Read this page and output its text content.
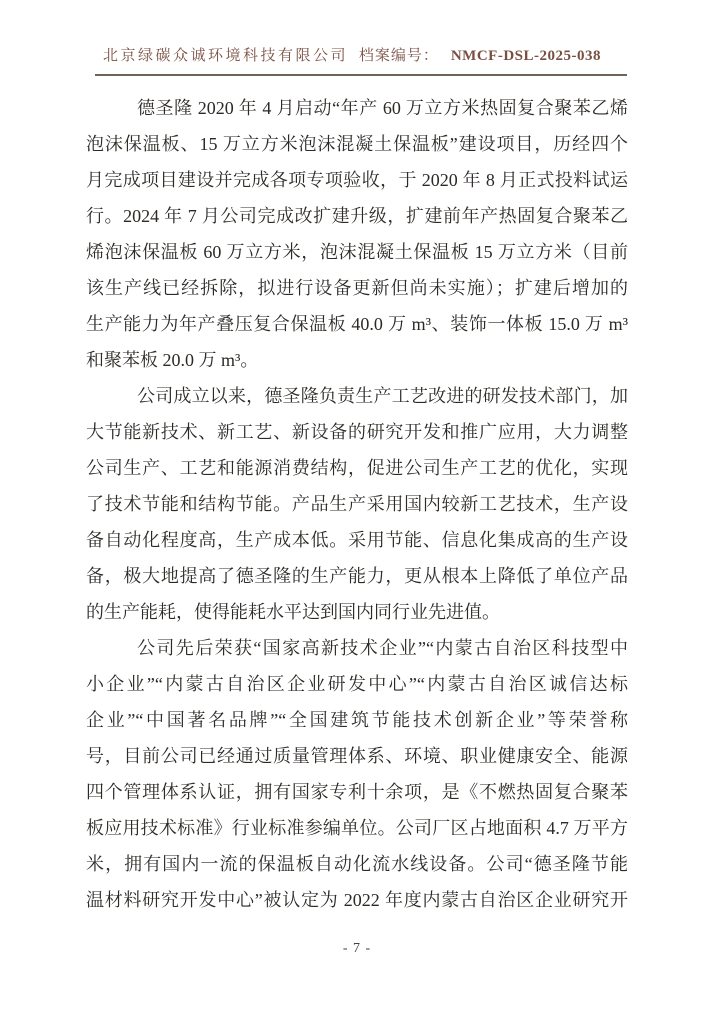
北京绿碳众诚环境科技有限公司 档案编号： NMCF-DSL-2025-038
德圣隆 2020 年 4 月启动“年产 60 万立方米热固复合聚苯乙烯
泡沫保温板、15 万立方米泡沫混凝土保温板”建设项目，历经四个
月完成项目建设并完成各项专项验收，于 2020 年 8 月正式投料试运
行。2024 年 7 月公司完成改扩建升级，扩建前年产热固复合聚苯乙
烯泡沫保温板 60 万立方米，泡沫混凝土保温板 15 万立方米（目前
该生产线已经拆除，拟进行设备更新但尚未实施）；扩建后增加的
生产能力为年产叠压复合保温板 40.0 万 m³、装饰一体板 15.0 万 m³
和聚苯板 20.0 万 m³。
公司成立以来，德圣隆负责生产工艺改进的研发技术部门，加
大节能新技术、新工艺、新设备的研究开发和推广应用，大力调整
公司生产、工艺和能源消费结构，促进公司生产工艺的优化，实现
了技术节能和结构节能。产品生产采用国内较新工艺技术，生产设
备自动化程度高，生产成本低。采用节能、信息化集成高的生产设
备，极大地提高了德圣隆的生产能力，更从根本上降低了单位产品
的生产能耗，使得能耗水平达到国内同行业先进值。
公司先后荣获“国家高新技术企业”“内蒙古自治区科技型中
小企业”“内蒙古自治区企业研发中心”“内蒙古自治区诚信达标
企业”“中国著名品牌”“全国建筑节能技术创新企业”等荣誉称
号，目前公司已经通过质量管理体系、环境、职业健康安全、能源
四个管理体系认证，拥有国家专利十余项，是《不燃热固复合聚苯
板应用技术标准》行业标准参编单位。公司厂区占地面积 4.7 万平方
米，拥有国内一流的保温板自动化流水线设备。公司“德圣隆节能
温材料研究开发中心”被认定为 2022 年度内蒙古自治区企业研究开
- 7 -
